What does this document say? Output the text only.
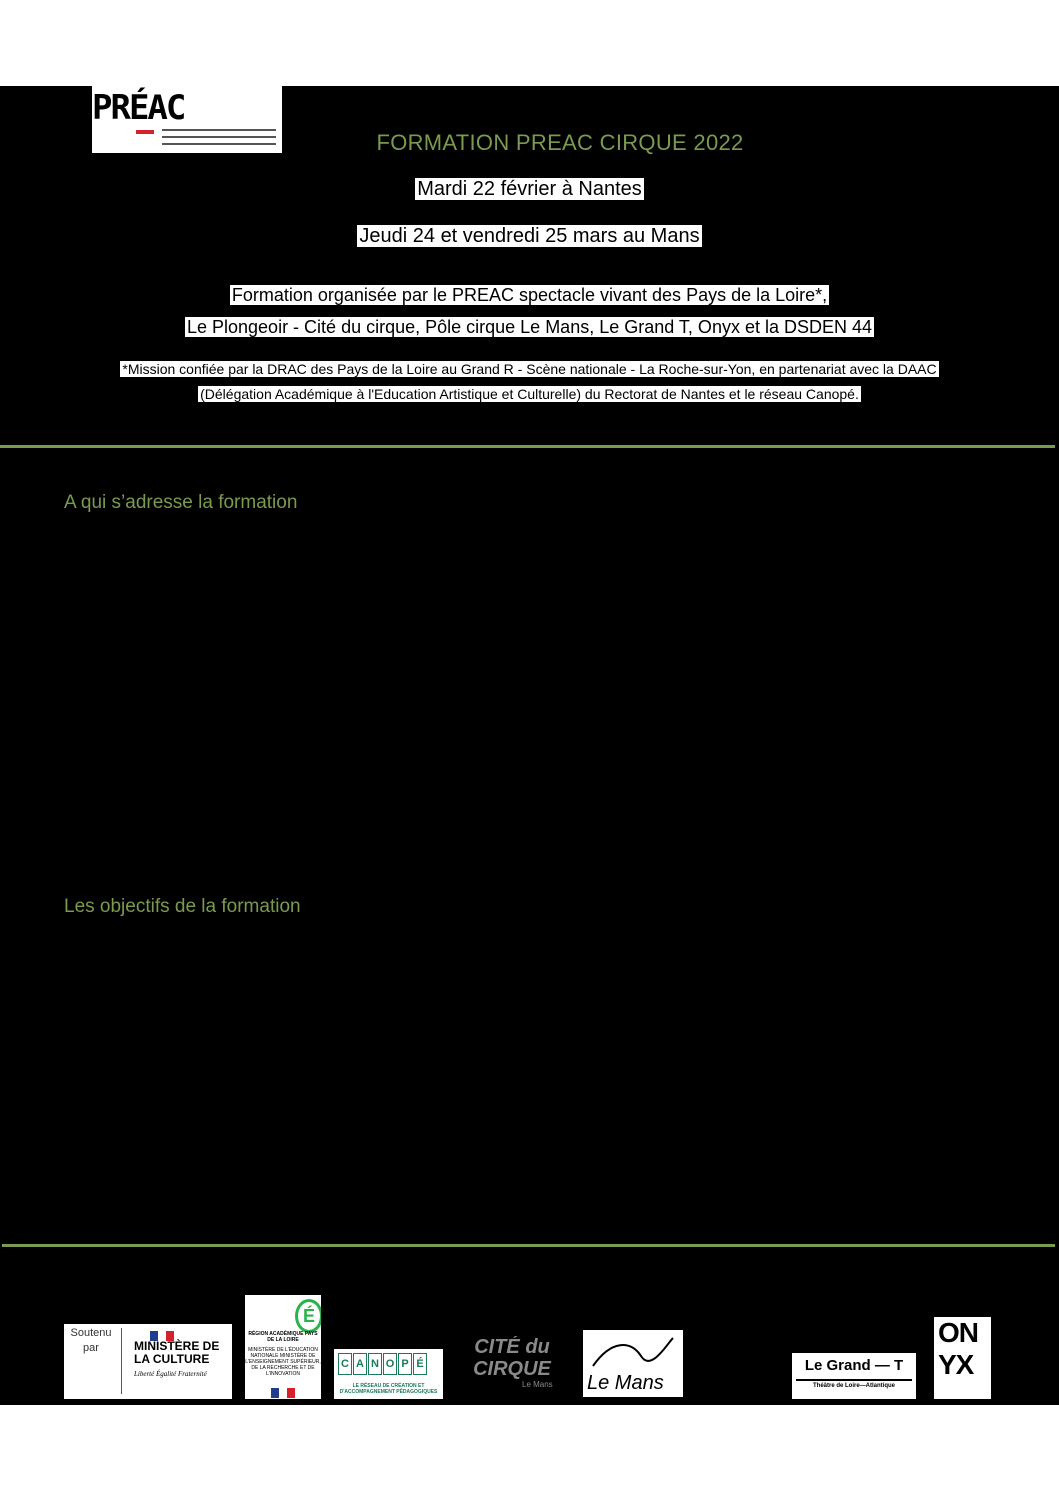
PRÉAC
FORMATION PREAC CIRQUE 2022
Mardi 22 février à Nantes
Jeudi 24 et vendredi 25 mars au Mans
Formation organisée par le PREAC spectacle vivant des Pays de la Loire*,
Le Plongeoir - Cité du cirque, Pôle cirque Le Mans, Le Grand T, Onyx et la DSDEN 44
*Mission confiée par la DRAC des Pays de la Loire au Grand R - Scène nationale - La Roche-sur-Yon, en partenariat avec la DAAC
(Délégation Académique à l'Education Artistique et Culturelle) du Rectorat de Nantes et le réseau Canopé.
A qui s’adresse la formation
Les objectifs de la formation
Soutenu par	MINISTÈRE DE LA CULTURE
Liberté Égalité Fraternité
É
RÉGION ACADÉMIQUE PAYS DE LA LOIRE
MINISTÈRE DE L'ÉDUCATION NATIONALE MINISTÈRE DE L'ENSEIGNEMENT SUPÉRIEUR, DE LA RECHERCHE ET DE L'INNOVATION
C A N O P É
LE RÉSEAU DE CRÉATION ET D'ACCOMPAGNEMENT PÉDAGOGIQUES
CITÉ du CIRQUE
Le Mans Le Mans
Le Grand — T
Théâtre de Loire—Atlantique
ON
YX
